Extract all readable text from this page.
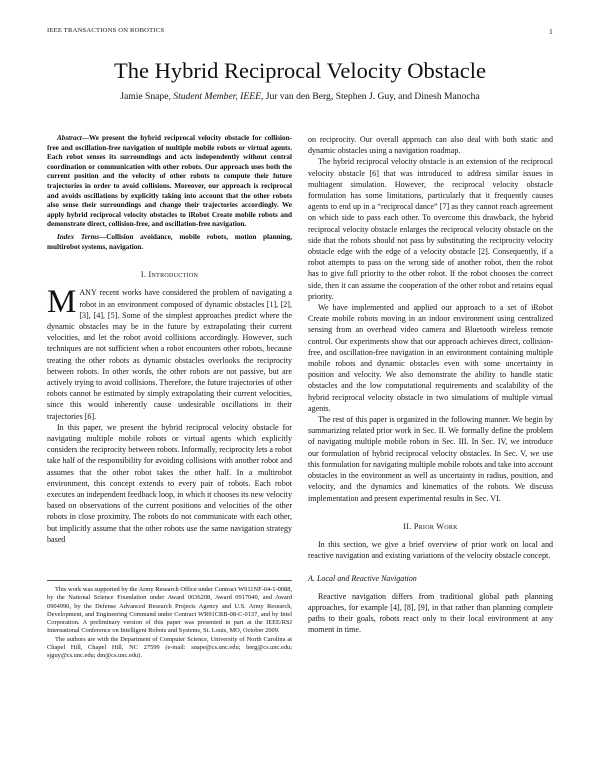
IEEE TRANSACTIONS ON ROBOTICS	1
The Hybrid Reciprocal Velocity Obstacle
Jamie Snape, Student Member, IEEE, Jur van den Berg, Stephen J. Guy, and Dinesh Manocha

Abstract—We present the hybrid reciprocal velocity obstacle for collision-free and oscillation-free navigation of multiple mobile robots or virtual agents. Each robot senses its surroundings and acts independently without central coordination or communication with other robots. Our approach uses both the current position and the velocity of other robots to compute their future trajectories in order to avoid collisions. Moreover, our approach is reciprocal and avoids oscillations by explicitly taking into account that the other robots also sense their surroundings and change their trajectories accordingly. We apply hybrid reciprocal velocity obstacles to iRobot Create mobile robots and demonstrate direct, collision-free, and oscillation-free navigation.

Index Terms—Collision avoidance, mobile robots, motion planning, multirobot systems, navigation.

I. Introduction

MANY recent works have considered the problem of navigating a robot in an environment composed of dynamic obstacles [1], [2], [3], [4], [5]. Some of the simplest approaches predict where the dynamic obstacles may be in the future by extrapolating their current velocities, and let the robot avoid collisions accordingly. However, such techniques are not sufficient when a robot encounters other robots, because treating the other robots as dynamic obstacles overlooks the reciprocity between robots. In other words, the other robots are not passive, but are actively trying to avoid collisions. Therefore, the future trajectories of other robots cannot be estimated by simply extrapolating their current velocities, since this would inherently cause undesirable oscillations in their trajectories [6].

In this paper, we present the hybrid reciprocal velocity obstacle for navigating multiple mobile robots or virtual agents which explicitly considers the reciprocity between robots. Informally, reciprocity lets a robot take half of the responsibility for avoiding collisions with another robot and assumes that the other robot takes the other half. In a multirobot environment, this concept extends to every pair of robots. Each robot executes an independent feedback loop, in which it chooses its new velocity based on observations of the current positions and velocities of the other robots in close proximity. The robots do not communicate with each other, but implicitly assume that the other robots use the same navigation strategy based

This work was supported by the Army Research Office under Contract W911NF-04-1-0088, by the National Science Foundation under Award 0636208, Award 0917040, and Award 0904990, by the Defense Advanced Research Projects Agency and U.S. Army Research, Development, and Engineering Command under Contract WR91CRB-08-C-0137, and by Intel Corporation. A preliminary version of this paper was presented in part at the IEEE/RSJ International Conference on Intelligent Robots and Systems, St. Louis, MO, October 2009.

The authors are with the Department of Computer Science, University of North Carolina at Chapel Hill, Chapel Hill, NC 27599 (e-mail: snape@cs.unc.edu; berg@cs.unc.edu; sjguy@cs.unc.edu; dm@cs.unc.edu).

on reciprocity. Our overall approach can also deal with both static and dynamic obstacles using a navigation roadmap.

The hybrid reciprocal velocity obstacle is an extension of the reciprocal velocity obstacle [6] that was introduced to address similar issues in multiagent simulation. However, the reciprocal velocity obstacle formulation has some limitations, particularly that it frequently causes agents to end up in a “reciprocal dance” [7] as they cannot reach agreement on which side to pass each other. To overcome this drawback, the hybrid reciprocal velocity obstacle enlarges the reciprocal velocity obstacle on the side that the robots should not pass by substituting the reciprocity velocity obstacle edge with the edge of a velocity obstacle [2]. Consequently, if a robot attempts to pass on the wrong side of another robot, then the robot has to give full priority to the other robot. If the robot chooses the correct side, then it can assume the cooperation of the other robot and retains equal priority.

We have implemented and applied our approach to a set of iRobot Create mobile robots moving in an indoor environment using centralized sensing from an overhead video camera and Bluetooth wireless remote control. Our experiments show that our approach achieves direct, collision-free, and oscillation-free navigation in an environment containing multiple mobile robots and dynamic obstacles even with some uncertainty in position and velocity. We also demonstrate the ability to handle static obstacles and the low computational requirements and scalability of the hybrid reciprocal velocity obstacle in two simulations of multiple virtual agents.

The rest of this paper is organized in the following manner. We begin by summarizing related prior work in Sec. II. We formally define the problem of navigating multiple mobile robots in Sec. III. In Sec. IV, we introduce our formulation of hybrid reciprocal velocity obstacles. In Sec. V, we use this formulation for navigating multiple mobile robots and take into account obstacles in the environment as well as uncertainty in radius, position, and velocity, and the dynamics and kinematics of the robots. We discuss implementation and present experimental results in Sec. VI.

II. Prior Work

In this section, we give a brief overview of prior work on local and reactive navigation and existing variations of the velocity obstacle concept.

A. Local and Reactive Navigation

Reactive navigation differs from traditional global path planning approaches, for example [4], [8], [9], in that rather than planning complete paths to their goals, robots react only to their local environment at any moment in time.
